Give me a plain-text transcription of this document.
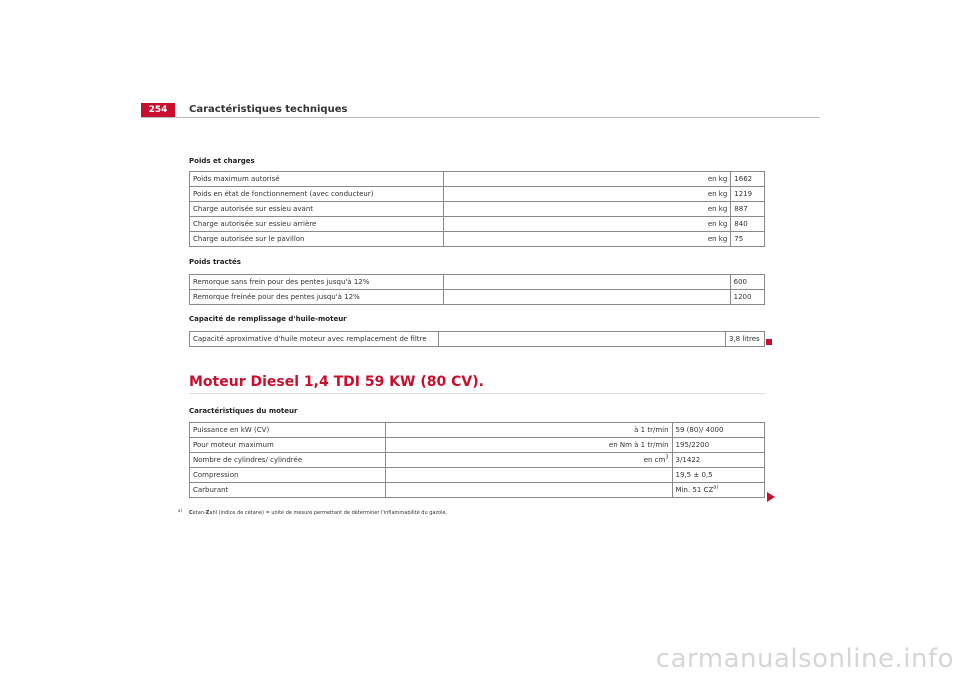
254	Caractéristiques techniques
Poids et charges
Poids maximum autorisé	en kg	1662
Poids en état de fonctionnement (avec conducteur)	en kg	1219
Charge autorisée sur essieu avant	en kg	887
Charge autorisée sur essieu arrière	en kg	840
Charge autorisée sur le pavillon	en kg	75
Poids tractés
Remorque sans frein pour des pentes jusqu'à 12%		600
Remorque freinée pour des pentes jusqu'à 12%		1200
Capacité de remplissage d'huile-moteur
Capacité aproximative d'huile moteur avec remplacement de filtre		3,8 litres
Moteur Diesel 1,4 TDI 59 KW (80 CV).
Caractéristiques du moteur
Puissance en kW (CV)	à 1 tr/min	59 (80)/ 4000
Pour moteur maximum	en Nm à 1 tr/min	195/2200
Nombre de cylindres/ cylindrée	en $cm^3$	3/1422
Compression		19,5 ± 0,5
Carburant		Min. 51 CZ$^{a)}$
a) Cetan-Zahl (indice de cétane) = unité de mesure permettant de déterminer l'inflammabilité du gazole.
carmanualsonline.info
